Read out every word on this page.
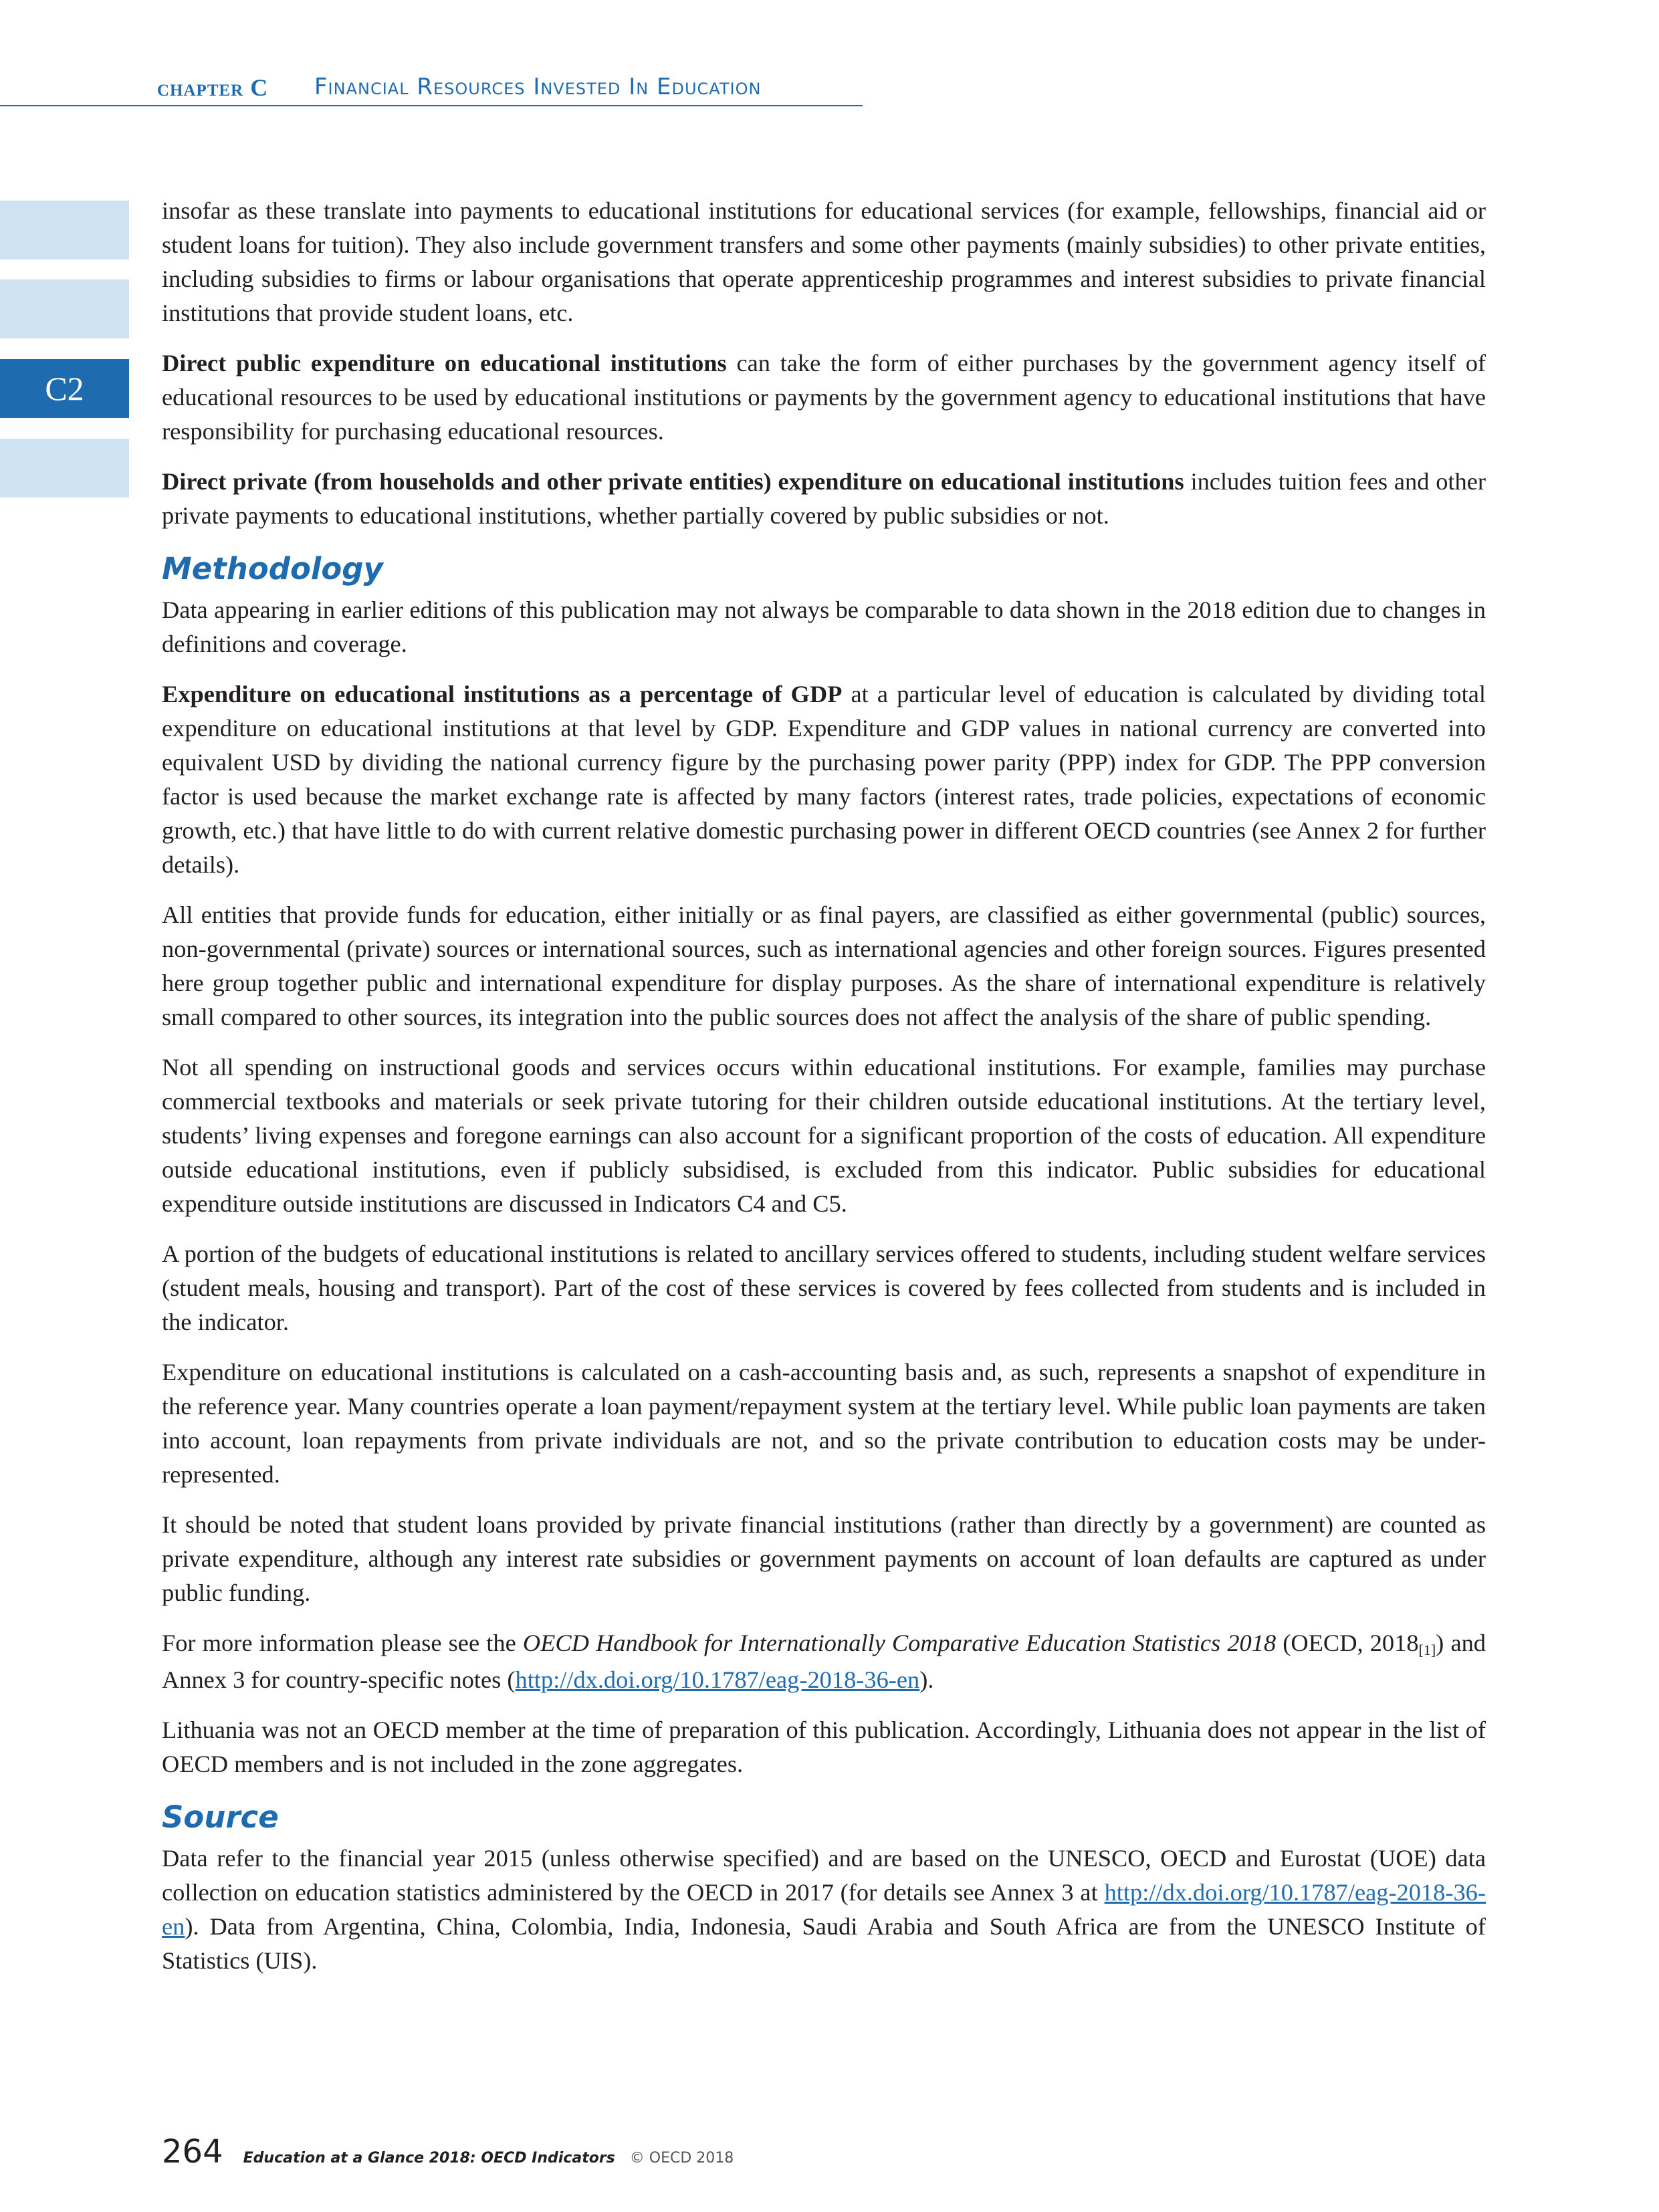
chapter C Financial Resources Invested In Education
C2

insofar as these translate into payments to educational institutions for educational services (for example, fellowships, financial aid or student loans for tuition). They also include government transfers and some other payments (mainly subsidies) to other private entities, including subsidies to firms or labour organisations that operate apprenticeship programmes and interest subsidies to private financial institutions that provide student loans, etc.

Direct public expenditure on educational institutions can take the form of either purchases by the government agency itself of educational resources to be used by educational institutions or payments by the government agency to educational institutions that have responsibility for purchasing educational resources.

Direct private (from households and other private entities) expenditure on educational institutions includes tuition fees and other private payments to educational institutions, whether partially covered by public subsidies or not.

Methodology

Data appearing in earlier editions of this publication may not always be comparable to data shown in the 2018 edition due to changes in definitions and coverage.

Expenditure on educational institutions as a percentage of GDP at a particular level of education is calculated by dividing total expenditure on educational institutions at that level by GDP. Expenditure and GDP values in national currency are converted into equivalent USD by dividing the national currency figure by the purchasing power parity (PPP) index for GDP. The PPP conversion factor is used because the market exchange rate is affected by many factors (interest rates, trade policies, expectations of economic growth, etc.) that have little to do with current relative domestic purchasing power in different OECD countries (see Annex 2 for further details).

All entities that provide funds for education, either initially or as final payers, are classified as either governmental (public) sources, non-governmental (private) sources or international sources, such as international agencies and other foreign sources. Figures presented here group together public and international expenditure for display purposes. As the share of international expenditure is relatively small compared to other sources, its integration into the public sources does not affect the analysis of the share of public spending.

Not all spending on instructional goods and services occurs within educational institutions. For example, families may purchase commercial textbooks and materials or seek private tutoring for their children outside educational institutions. At the tertiary level, students’ living expenses and foregone earnings can also account for a significant proportion of the costs of education. All expenditure outside educational institutions, even if publicly subsidised, is excluded from this indicator. Public subsidies for educational expenditure outside institutions are discussed in Indicators C4 and C5.

A portion of the budgets of educational institutions is related to ancillary services offered to students, including student welfare services (student meals, housing and transport). Part of the cost of these services is covered by fees collected from students and is included in the indicator.

Expenditure on educational institutions is calculated on a cash-accounting basis and, as such, represents a snapshot of expenditure in the reference year. Many countries operate a loan payment/repayment system at the tertiary level. While public loan payments are taken into account, loan repayments from private individuals are not, and so the private contribution to education costs may be under-represented.

It should be noted that student loans provided by private financial institutions (rather than directly by a government) are counted as private expenditure, although any interest rate subsidies or government payments on account of loan defaults are captured as under public funding.

For more information please see the OECD Handbook for Internationally Comparative Education Statistics 2018 (OECD, $2018_{[1]}$) and Annex 3 for country-specific notes (http://dx.doi.org/10.1787/eag-2018-36-en).

Lithuania was not an OECD member at the time of preparation of this publication. Accordingly, Lithuania does not appear in the list of OECD members and is not included in the zone aggregates.

Source

Data refer to the financial year 2015 (unless otherwise specified) and are based on the UNESCO, OECD and Eurostat (UOE) data collection on education statistics administered by the OECD in 2017 (for details see Annex 3 at http://dx.doi.org/10.1787/eag-2018-36-en). Data from Argentina, China, Colombia, India, Indonesia, Saudi Arabia and South Africa are from the UNESCO Institute of Statistics (UIS).

264 Education at a Glance 2018: OECD Indicators © OECD 2018
